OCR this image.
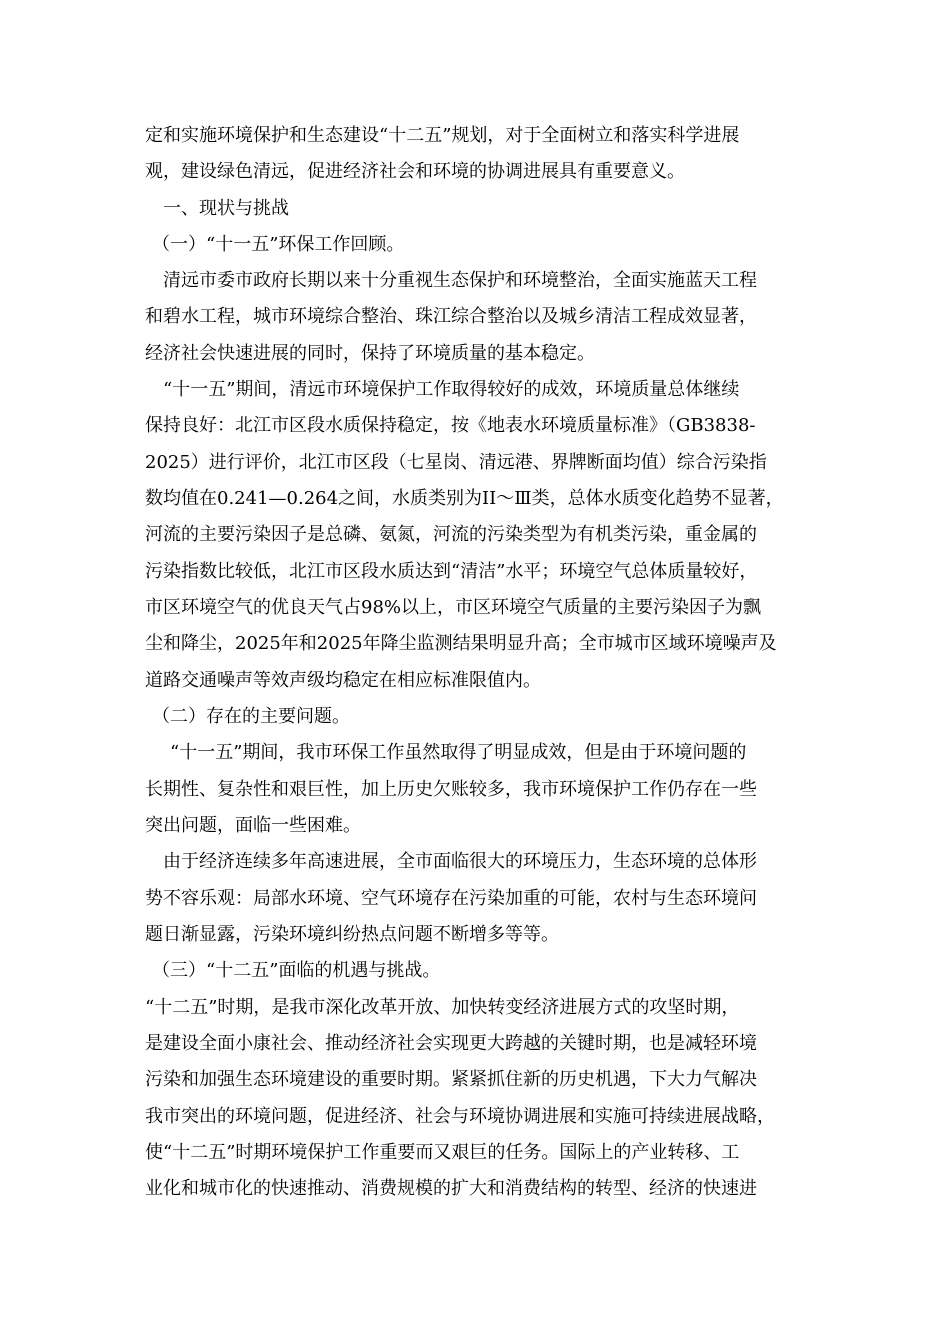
定和实施环境保护和生态建设“十二五”规划，对于全面树立和落实科学进展
观，建设绿色清远，促进经济社会和环境的协调进展具有重要意义。
一、现状与挑战
（一）“十一五”环保工作回顾。
清远市委市政府长期以来十分重视生态保护和环境整治，全面实施蓝天工程
和碧水工程，城市环境综合整治、珠江综合整治以及城乡清洁工程成效显著，
经济社会快速进展的同时，保持了环境质量的基本稳定。
“十一五”期间，清远市环境保护工作取得较好的成效，环境质量总体继续
保持良好：北江市区段水质保持稳定，按《地表水环境质量标准》（GB3838-
2025）进行评价，北江市区段（七星岗、清远港、界牌断面均值）综合污染指
数均值在0.241—0.264之间，水质类别为II～Ⅲ类，总体水质变化趋势不显著，
河流的主要污染因子是总磷、氨氮，河流的污染类型为有机类污染，重金属的
污染指数比较低，北江市区段水质达到“清洁”水平；环境空气总体质量较好，
市区环境空气的优良天气占98%以上，市区环境空气质量的主要污染因子为飘
尘和降尘，2025年和2025年降尘监测结果明显升高；全市城市区域环境噪声及
道路交通噪声等效声级均稳定在相应标准限值内。
（二）存在的主要问题。
“十一五”期间，我市环保工作虽然取得了明显成效，但是由于环境问题的
长期性、复杂性和艰巨性，加上历史欠账较多，我市环境保护工作仍存在一些
突出问题，面临一些困难。
由于经济连续多年高速进展，全市面临很大的环境压力，生态环境的总体形
势不容乐观：局部水环境、空气环境存在污染加重的可能，农村与生态环境问
题日渐显露，污染环境纠纷热点问题不断增多等等。
（三）“十二五”面临的机遇与挑战。
“十二五”时期，是我市深化改革开放、加快转变经济进展方式的攻坚时期，
是建设全面小康社会、推动经济社会实现更大跨越的关键时期，也是减轻环境
污染和加强生态环境建设的重要时期。紧紧抓住新的历史机遇，下大力气解决
我市突出的环境问题，促进经济、社会与环境协调进展和实施可持续进展战略，
使“十二五”时期环境保护工作重要而又艰巨的任务。国际上的产业转移、工
业化和城市化的快速推动、消费规模的扩大和消费结构的转型、经济的快速进
